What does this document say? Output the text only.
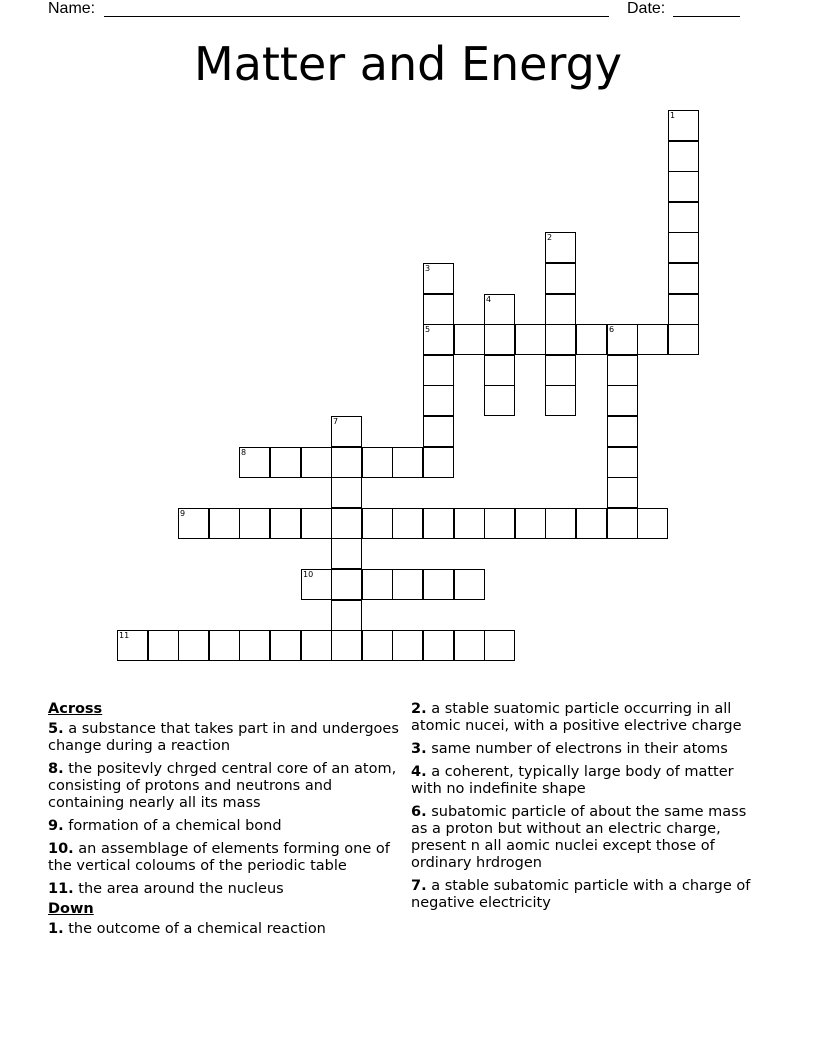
Name:	Date:
Matter and Energy
1
2
3
5
4
6
7
8
9
10
11
Across
5. a substance that takes part in and undergoes change during a reaction
8. the positevly chrged central core of an atom, consisting of protons and neutrons and containing nearly all its mass
9. formation of a chemical bond
10. an assemblage of elements forming one of the vertical coloums of the periodic table
11. the area around the nucleus
Down
1. the outcome of a chemical reaction
2. a stable suatomic particle occurring in all atomic nucei, with a positive electrive charge
3. same number of electrons in their atoms
4. a coherent, typically large body of matter with no indefinite shape
6. subatomic particle of about the same mass as a proton but without an electric charge, present n all aomic nuclei except those of ordinary hrdrogen
7. a stable subatomic particle with a charge of negative electricity
